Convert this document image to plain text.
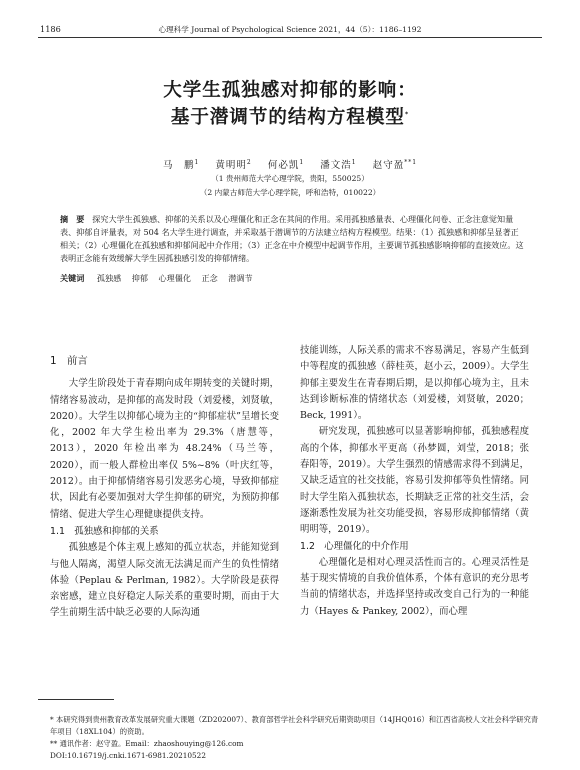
1186	心理科学 Journal of Psychological Science 2021，44（5）：1186–1192
大学生孤独感对抑郁的影响：
基于潜调节的结构方程模型*
马　鹏$^1$ 黄明明$^2$ 何必凯$^1$ 潘文浩$^1$ 赵守盈$^{**1}$
（1 贵州师范大学心理学院，贵阳，550025）
（2 内蒙古师范大学心理学院，呼和浩特，010022）
摘　要 探究大学生孤独感、抑郁的关系以及心理僵化和正念在其间的作用。采用孤独感量表、心理僵化问卷、正念注意觉知量表、抑郁自评量表，对 504 名大学生进行调查，并采取基于潜调节的方法建立结构方程模型。结果：（1）孤独感和抑郁呈显著正相关；（2）心理僵化在孤独感和抑郁间起中介作用；（3）正念在中介模型中起调节作用，主要调节孤独感影响抑郁的直接效应。这表明正念能有效缓解大学生因孤独感引发的抑郁情绪。
关键词 孤独感 抑郁 心理僵化 正念 潜调节

1　前言

大学生阶段处于青春期向成年期转变的关键时期，情绪容易波动，是抑郁的高发时段（刘爱楼，刘贤敏，2020）。大学生以抑郁心境为主的“抑郁症状”呈增长变化，2002 年大学生检出率为 29.3%（唐慧等，2013），2020 年检出率为 48.24%（马兰等，2020），而一般人群检出率仅 5%~8%（叶庆红等，2012）。由于抑郁情绪容易引发恶劣心境，导致抑郁症状，因此有必要加强对大学生抑郁的研究，为预防抑郁情绪、促进大学生心理健康提供支持。

1.1　孤独感和抑郁的关系

孤独感是个体主观上感知的孤立状态，并能知觉到与他人隔离，渴望人际交流无法满足而产生的负性情绪体验（Peplau & Perlman, 1982）。大学阶段是获得亲密感，建立良好稳定人际关系的重要时期，而由于大学生前期生活中缺乏必要的人际沟通

技能训练，人际关系的需求不容易满足，容易产生低到中等程度的孤独感（薛桂英，赵小云，2009）。大学生抑郁主要发生在青春期后期，是以抑郁心境为主，且未达到诊断标准的情绪状态（刘爱楼，刘贤敏，2020；Beck, 1991）。

研究发现，孤独感可以显著影响抑郁，孤独感程度高的个体，抑郁水平更高（孙梦圆，刘莹，2018；张春阳等，2019）。大学生强烈的情感需求得不到满足，又缺乏适宜的社交技能，容易引发抑郁等负性情绪。同时大学生陷入孤独状态，长期缺乏正常的社交生活，会逐渐悉性发展为社交功能受损，容易形成抑郁情绪（黄明明等，2019）。

1.2　心理僵化的中介作用

心理僵化是相对心理灵活性而言的。心理灵活性是基于现实情境的自我价值体系，个体有意识的充分思考当前的情绪状态，并选择坚持或改变自己行为的一种能力（Hayes & Pankey, 2002），而心理

* 本研究得到贵州教育改革发展研究重大课题（ZD202007）、教育部哲学社会科学研究后期资助项目（14JHQ016）和江西省高校人文社会科学研究青年项目（18XL104）的资助。
** 通讯作者：赵守盈。Email：zhaoshouying@126.com
DOI:10.16719/j.cnki.1671-6981.20210522
